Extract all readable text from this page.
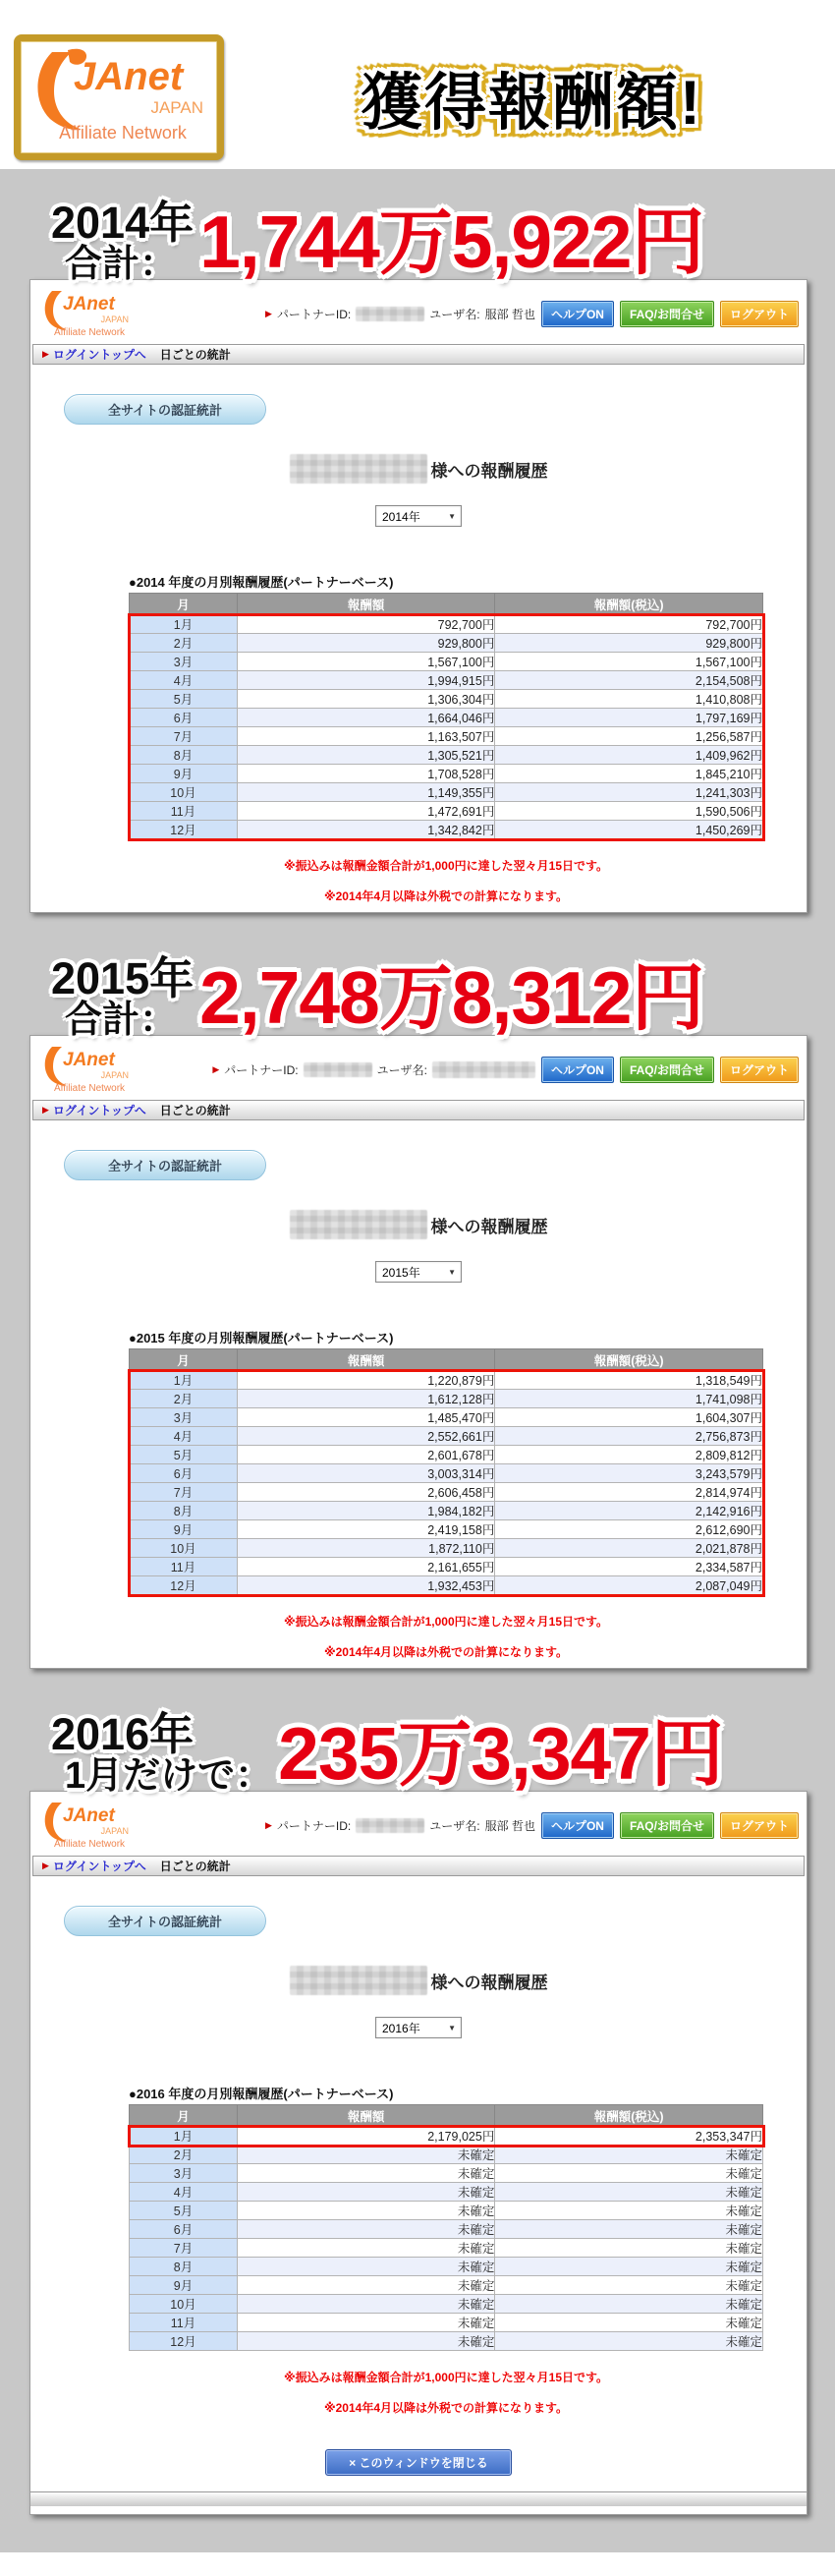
JAnet
JAPAN
Affiliate Network	獲得報酬額!
2014年
合計： 1,744万5,922円
JAnet
JAPAN
Affiliate Network
▶ パートナーID:	ユーザ名: 服部 哲也	ヘルプON	FAQ/お問合せ	ログアウト
▶ ログイントップへ 日ごとの統計
全サイトの認証統計
様への報酬履歴
2014年	▼
●2014 年度の月別報酬履歴(パートナーベース)
月	報酬額	報酬額(税込)
1月	792,700円	792,700円
2月	929,800円	929,800円
3月	1,567,100円	1,567,100円
4月	1,994,915円	2,154,508円
5月	1,306,304円	1,410,808円
6月	1,664,046円	1,797,169円
7月	1,163,507円	1,256,587円
8月	1,305,521円	1,409,962円
9月	1,708,528円	1,845,210円
10月	1,149,355円	1,241,303円
11月	1,472,691円	1,590,506円
12月	1,342,842円	1,450,269円
※振込みは報酬金額合計が1,000円に達した翌々月15日です。
※2014年4月以降は外税での計算になります。
2015年
合計： 2,748万8,312円
JAnet
JAPAN
Affiliate Network
▶ パートナーID:	ユーザ名:	ヘルプON	FAQ/お問合せ	ログアウト
▶ ログイントップへ 日ごとの統計
全サイトの認証統計
様への報酬履歴
2015年	▼
●2015 年度の月別報酬履歴(パートナーベース)
月	報酬額	報酬額(税込)
1月	1,220,879円	1,318,549円
2月	1,612,128円	1,741,098円
3月	1,485,470円	1,604,307円
4月	2,552,661円	2,756,873円
5月	2,601,678円	2,809,812円
6月	3,003,314円	3,243,579円
7月	2,606,458円	2,814,974円
8月	1,984,182円	2,142,916円
9月	2,419,158円	2,612,690円
10月	1,872,110円	2,021,878円
11月	2,161,655円	2,334,587円
12月	1,932,453円	2,087,049円
※振込みは報酬金額合計が1,000円に達した翌々月15日です。
※2014年4月以降は外税での計算になります。
2016年
1月だけで： 235万3,347円
JAnet
JAPAN
Affiliate Network
▶ パートナーID:	ユーザ名: 服部 哲也	ヘルプON	FAQ/お問合せ	ログアウト
▶ ログイントップへ 日ごとの統計
全サイトの認証統計
様への報酬履歴
2016年	▼
●2016 年度の月別報酬履歴(パートナーベース)
月	報酬額	報酬額(税込)
1月	2,179,025円	2,353,347円
2月	未確定	未確定
3月	未確定	未確定
4月	未確定	未確定
5月	未確定	未確定
6月	未確定	未確定
7月	未確定	未確定
8月	未確定	未確定
9月	未確定	未確定
10月	未確定	未確定
11月	未確定	未確定
12月	未確定	未確定
※振込みは報酬金額合計が1,000円に達した翌々月15日です。
※2014年4月以降は外税での計算になります。
× このウィンドウを閉じる
